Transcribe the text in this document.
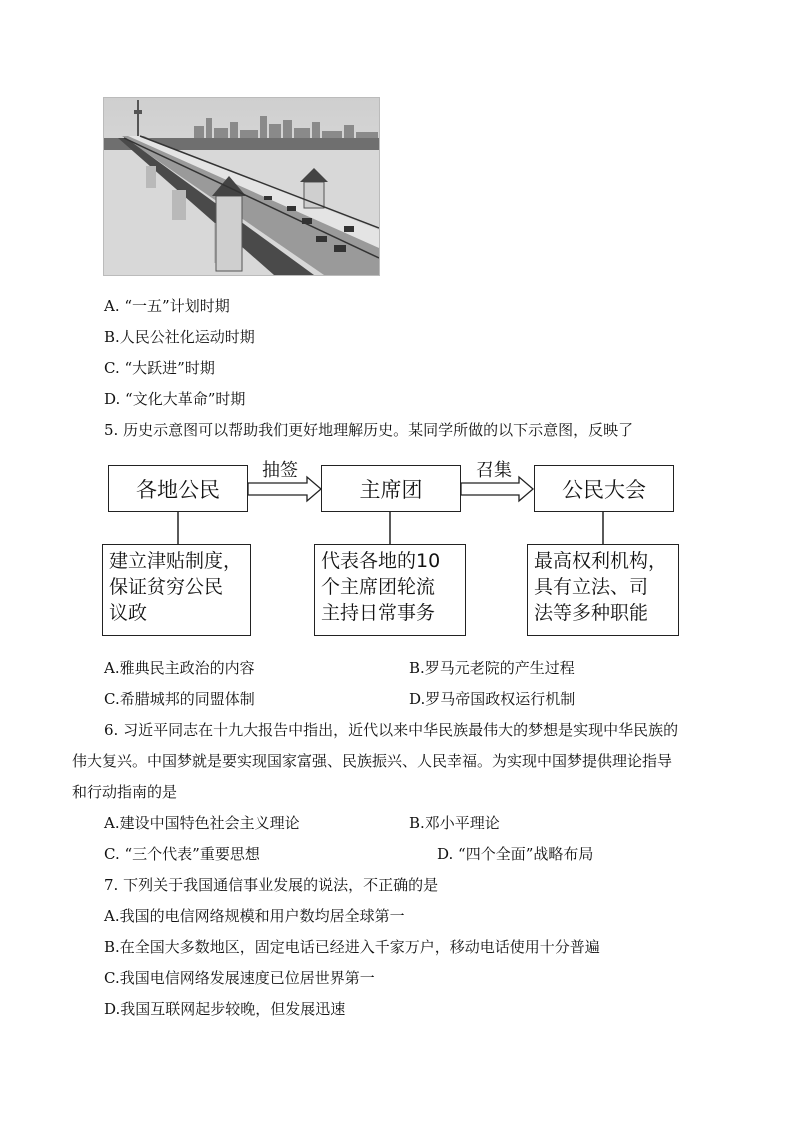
A. “一五”计划时期
B.人民公社化运动时期
C. “大跃进”时期
D. “文化大革命”时期
5. 历史示意图可以帮助我们更好地理解历史。某同学所做的以下示意图，反映了
各地公民	主席团	公民大会
抽签	召集
建立津贴制度，
保证贫穷公民
议政
代表各地的10
个主席团轮流
主持日常事务
最高权利机构，
具有立法、司
法等多种职能
A.雅典民主政治的内容	B.罗马元老院的产生过程
C.希腊城邦的同盟体制	D.罗马帝国政权运行机制
6. 习近平同志在十九大报告中指出，近代以来中华民族最伟大的梦想是实现中华民族的
伟大复兴。中国梦就是要实现国家富强、民族振兴、人民幸福。为实现中国梦提供理论指导
和行动指南的是
A.建设中国特色社会主义理论	B.邓小平理论
C. “三个代表”重要思想	D. “四个全面”战略布局
7. 下列关于我国通信事业发展的说法，不正确的是
A.我国的电信网络规模和用户数均居全球第一
B.在全国大多数地区，固定电话已经进入千家万户，移动电话使用十分普遍
C.我国电信网络发展速度已位居世界第一
D.我国互联网起步较晚，但发展迅速
